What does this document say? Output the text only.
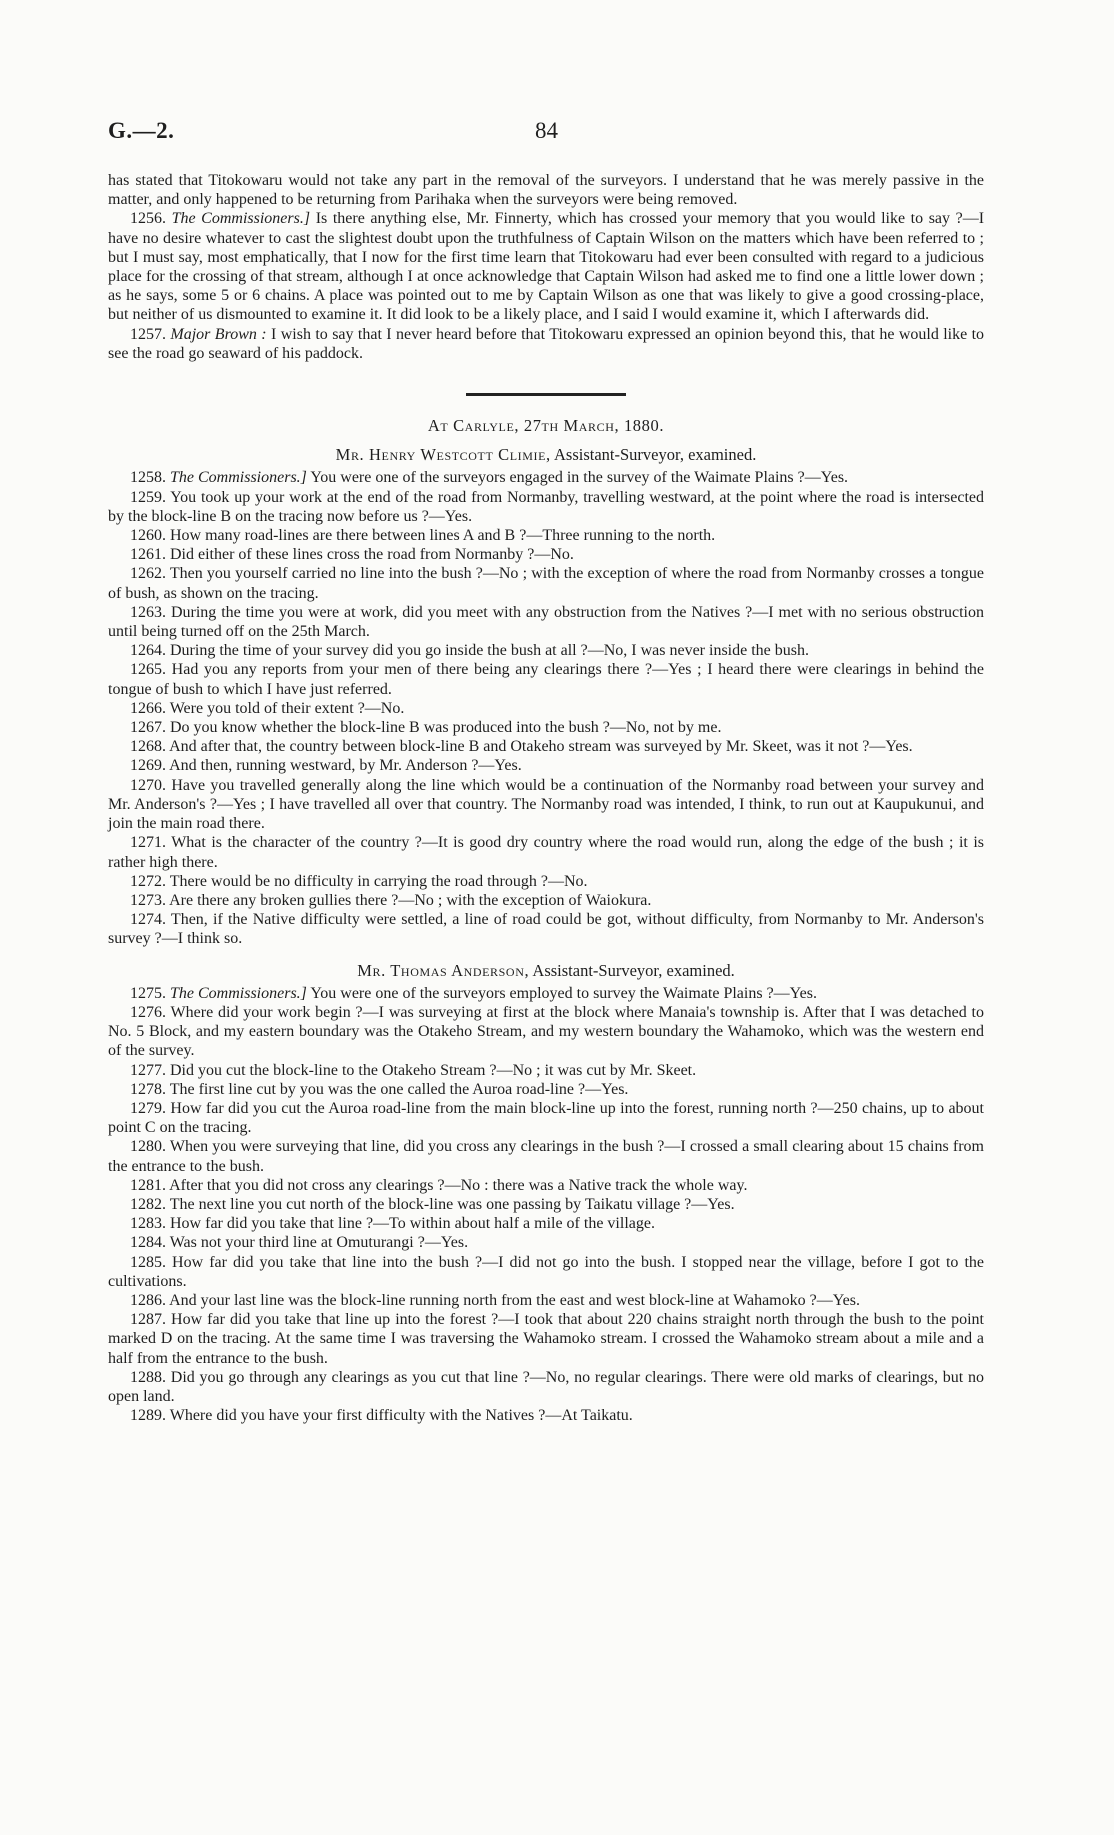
G.—2.	84

has stated that Titokowaru would not take any part in the removal of the surveyors. I understand that he was merely passive in the matter, and only happened to be returning from Parihaka when the surveyors were being removed.

1256. The Commissioners.] Is there anything else, Mr. Finnerty, which has crossed your memory that you would like to say ?—I have no desire whatever to cast the slightest doubt upon the truthfulness of Captain Wilson on the matters which have been referred to ; but I must say, most emphatically, that I now for the first time learn that Titokowaru had ever been consulted with regard to a judicious place for the crossing of that stream, although I at once acknowledge that Captain Wilson had asked me to find one a little lower down ; as he says, some 5 or 6 chains. A place was pointed out to me by Captain Wilson as one that was likely to give a good crossing-place, but neither of us dismounted to examine it. It did look to be a likely place, and I said I would examine it, which I afterwards did.

1257. Major Brown : I wish to say that I never heard before that Titokowaru expressed an opinion beyond this, that he would like to see the road go seaward of his paddock.

At Carlyle, 27th March, 1880.

Mr. Henry Westcott Climie, Assistant-Surveyor, examined.

1258. The Commissioners.] You were one of the surveyors engaged in the survey of the Waimate Plains ?—Yes.

1259. You took up your work at the end of the road from Normanby, travelling westward, at the point where the road is intersected by the block-line B on the tracing now before us ?—Yes.

1260. How many road-lines are there between lines A and B ?—Three running to the north.

1261. Did either of these lines cross the road from Normanby ?—No.

1262. Then you yourself carried no line into the bush ?—No ; with the exception of where the road from Normanby crosses a tongue of bush, as shown on the tracing.

1263. During the time you were at work, did you meet with any obstruction from the Natives ?—I met with no serious obstruction until being turned off on the 25th March.

1264. During the time of your survey did you go inside the bush at all ?—No, I was never inside the bush.

1265. Had you any reports from your men of there being any clearings there ?—Yes ; I heard there were clearings in behind the tongue of bush to which I have just referred.

1266. Were you told of their extent ?—No.

1267. Do you know whether the block-line B was produced into the bush ?—No, not by me.

1268. And after that, the country between block-line B and Otakeho stream was surveyed by Mr. Skeet, was it not ?—Yes.

1269. And then, running westward, by Mr. Anderson ?—Yes.

1270. Have you travelled generally along the line which would be a continuation of the Normanby road between your survey and Mr. Anderson's ?—Yes ; I have travelled all over that country. The Normanby road was intended, I think, to run out at Kaupukunui, and join the main road there.

1271. What is the character of the country ?—It is good dry country where the road would run, along the edge of the bush ; it is rather high there.

1272. There would be no difficulty in carrying the road through ?—No.

1273. Are there any broken gullies there ?—No ; with the exception of Waiokura.

1274. Then, if the Native difficulty were settled, a line of road could be got, without difficulty, from Normanby to Mr. Anderson's survey ?—I think so.

Mr. Thomas Anderson, Assistant-Surveyor, examined.

1275. The Commissioners.] You were one of the surveyors employed to survey the Waimate Plains ?—Yes.

1276. Where did your work begin ?—I was surveying at first at the block where Manaia's township is. After that I was detached to No. 5 Block, and my eastern boundary was the Otakeho Stream, and my western boundary the Wahamoko, which was the western end of the survey.

1277. Did you cut the block-line to the Otakeho Stream ?—No ; it was cut by Mr. Skeet.

1278. The first line cut by you was the one called the Auroa road-line ?—Yes.

1279. How far did you cut the Auroa road-line from the main block-line up into the forest, running north ?—250 chains, up to about point C on the tracing.

1280. When you were surveying that line, did you cross any clearings in the bush ?—I crossed a small clearing about 15 chains from the entrance to the bush.

1281. After that you did not cross any clearings ?—No : there was a Native track the whole way.

1282. The next line you cut north of the block-line was one passing by Taikatu village ?—Yes.

1283. How far did you take that line ?—To within about half a mile of the village.

1284. Was not your third line at Omuturangi ?—Yes.

1285. How far did you take that line into the bush ?—I did not go into the bush. I stopped near the village, before I got to the cultivations.

1286. And your last line was the block-line running north from the east and west block-line at Wahamoko ?—Yes.

1287. How far did you take that line up into the forest ?—I took that about 220 chains straight north through the bush to the point marked D on the tracing. At the same time I was traversing the Wahamoko stream. I crossed the Wahamoko stream about a mile and a half from the entrance to the bush.

1288. Did you go through any clearings as you cut that line ?—No, no regular clearings. There were old marks of clearings, but no open land.

1289. Where did you have your first difficulty with the Natives ?—At Taikatu.
